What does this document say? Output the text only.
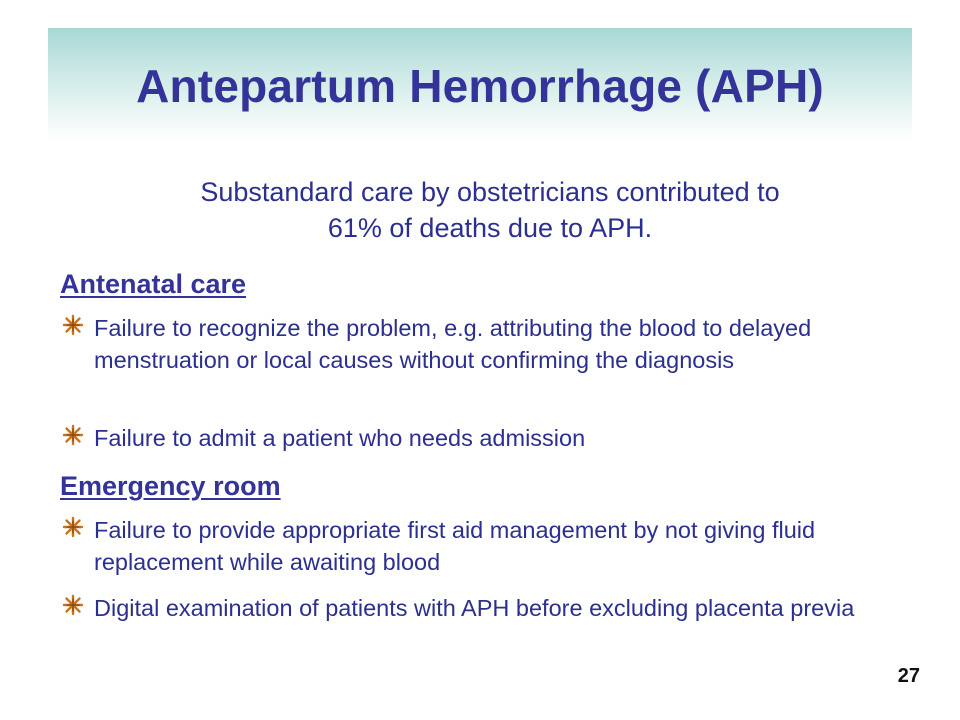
Antepartum Hemorrhage (APH)
Substandard care by obstetricians contributed to
61% of deaths due to APH.
Antenatal care
Failure to recognize the problem, e.g. attributing the blood to delayed menstruation or local causes without confirming the diagnosis
Failure to admit a patient who needs admission
Emergency room
Failure to provide appropriate first aid management by not giving fluid replacement while awaiting blood
Digital examination of patients with APH before excluding placenta previa
27
